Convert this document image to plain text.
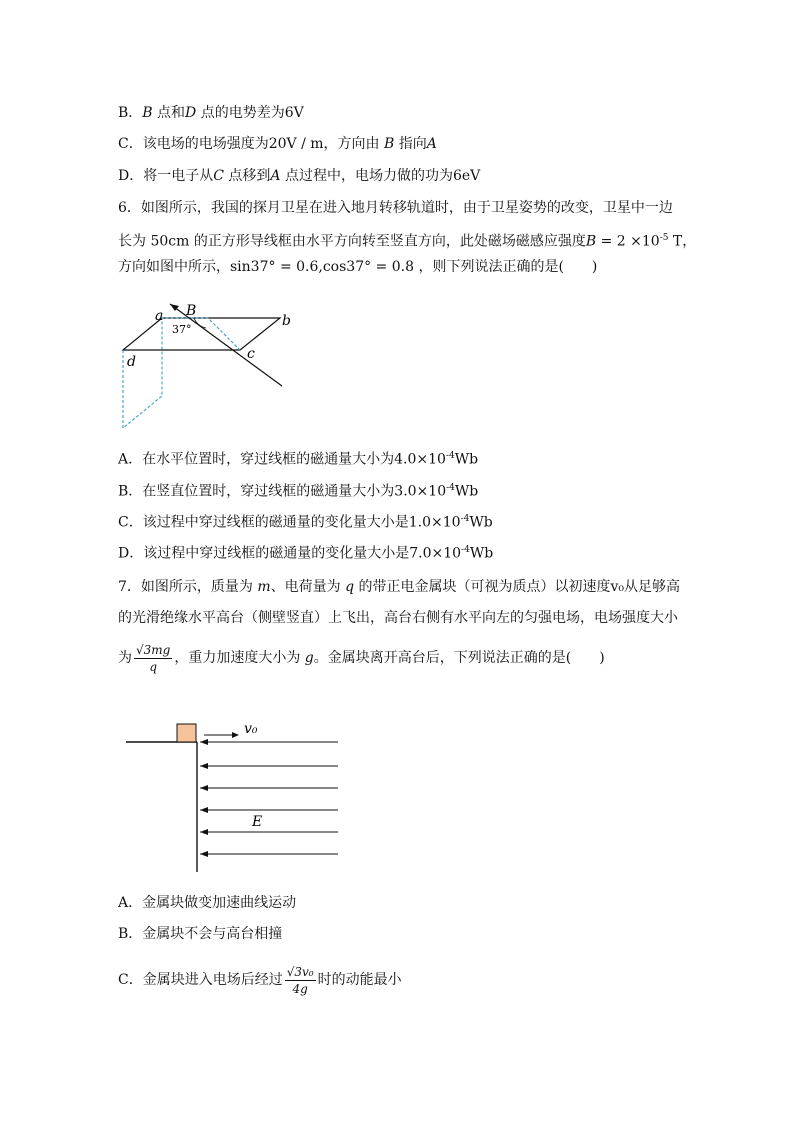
B．B 点和D 点的电势差为6V
C．该电场的电场强度为20V / m，方向由 B 指向A
D．将一电子从C 点移到A 点过程中，电场力做的功为6eV
6．如图所示，我国的探月卫星在进入地月转移轨道时，由于卫星姿势的改变，卫星中一边
长为 50cm 的正方形导线框由水平方向转至竖直方向，此处磁场磁感应强度$B = 2 \times 10^{-5}$ T，
方向如图中所示，sin37° = 0.6,cos37° = 0.8 ，则下列说法正确的是(　　)
a	b
c
d
B
37°
A．在水平位置时，穿过线框的磁通量大小为$4.0\times 10^{-4}Wb$
B．在竖直位置时，穿过线框的磁通量大小为$3.0\times 10^{-4}Wb$
C．该过程中穿过线框的磁通量的变化量大小是$1.0\times 10^{-4}Wb$
D．该过程中穿过线框的磁通量的变化量大小是$7.0\times 10^{-4}Wb$
7．如图所示，质量为 m、电荷量为 q 的带正电金属块（可视为质点）以初速度v₀从足够高
的光滑绝缘水平高台（侧壁竖直）上飞出，高台右侧有水平向左的匀强电场，电场强度大小
为 $\frac{√3mg}{q}$ ，重力加速度大小为 g。金属块离开高台后，下列说法正确的是(　　)
v₀
E
A．金属块做变加速曲线运动
B．金属块不会与高台相撞
C．金属块进入电场后经过 $\frac{\text{√3v₀}}{4g}$ 时的动能最小
